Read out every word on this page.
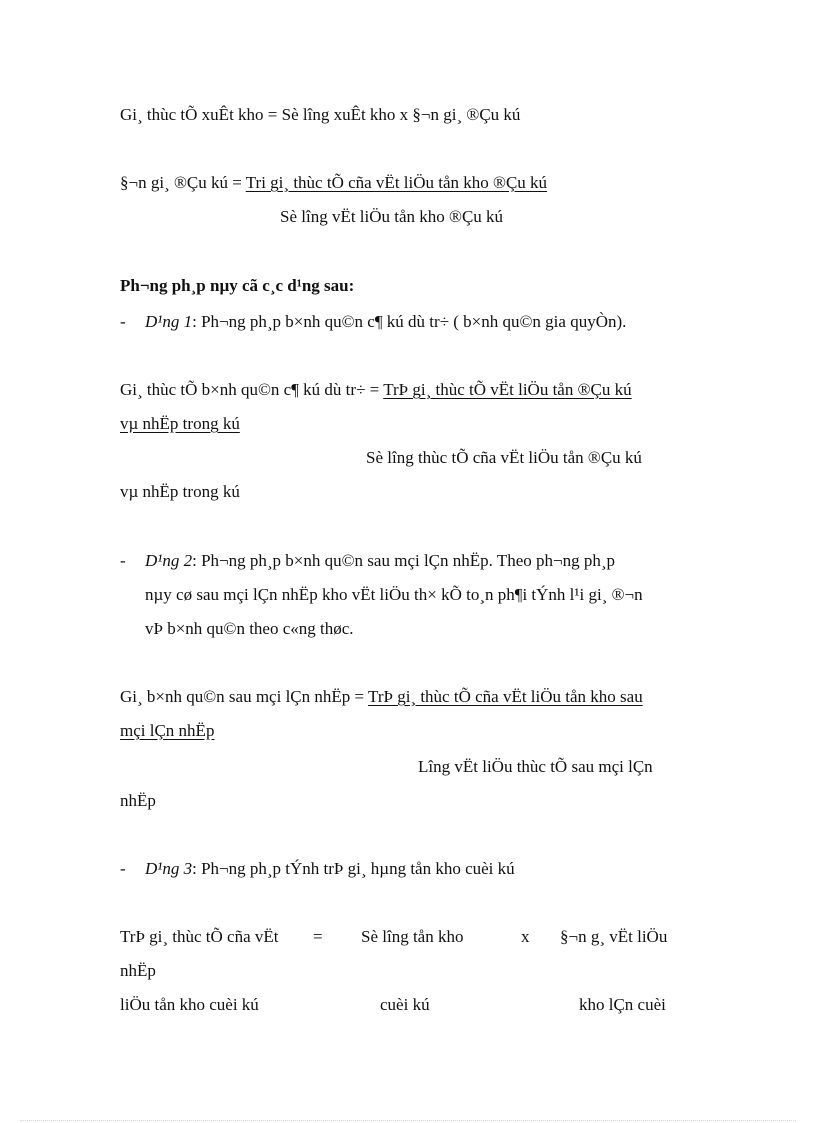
Gi¸ thùc tÕ xuÊt kho = Sè lîng xuÊt kho x §¬n gi¸ ®Çu kú
§¬n gi¸ ®Çu kú = Tri gi¸ thùc tÕ cña vËt liÖu tån kho ®Çu kú
Sè lîng vËt liÖu tån kho ®Çu kú
Ph¬ng ph¸p nµy cã c¸c d¹ng sau:
- D¹ng 1: Ph¬ng ph¸p b×nh qu©n c¶ kú dù tr÷ ( b×nh qu©n gia quyÒn).
Gi¸ thùc tÕ b×nh qu©n c¶ kú dù tr÷ = TrÞ gi¸ thùc tÕ vËt liÖu tån ®Çu kú
vµ nhËp trong kú
Sè lîng thùc tÕ cña vËt liÖu tån ®Çu kú
vµ nhËp trong kú
- D¹ng 2: Ph¬ng ph¸p b×nh qu©n sau mçi lÇn nhËp. Theo ph¬ng ph¸p
nµy cø sau mçi lÇn nhËp kho vËt liÖu th× kÕ to¸n ph¶i tÝnh l¹i gi¸ ®¬n
vÞ b×nh qu©n theo c«ng thøc.
Gi¸ b×nh qu©n sau mçi lÇn nhËp = TrÞ gi¸ thùc tÕ cña vËt liÖu tån kho sau
mçi lÇn nhËp
Lîng vËt liÖu thùc tÕ sau mçi lÇn
nhËp
- D¹ng 3: Ph¬ng ph¸p tÝnh trÞ gi¸ hµng tån kho cuèi kú
TrÞ gi¸ thùc tÕ cña vËt = Sè lîng tån kho	x §¬n g¸ vËt liÖu
nhËp
liÖu tån kho cuèi kú	cuèi kú	kho lÇn cuèi
